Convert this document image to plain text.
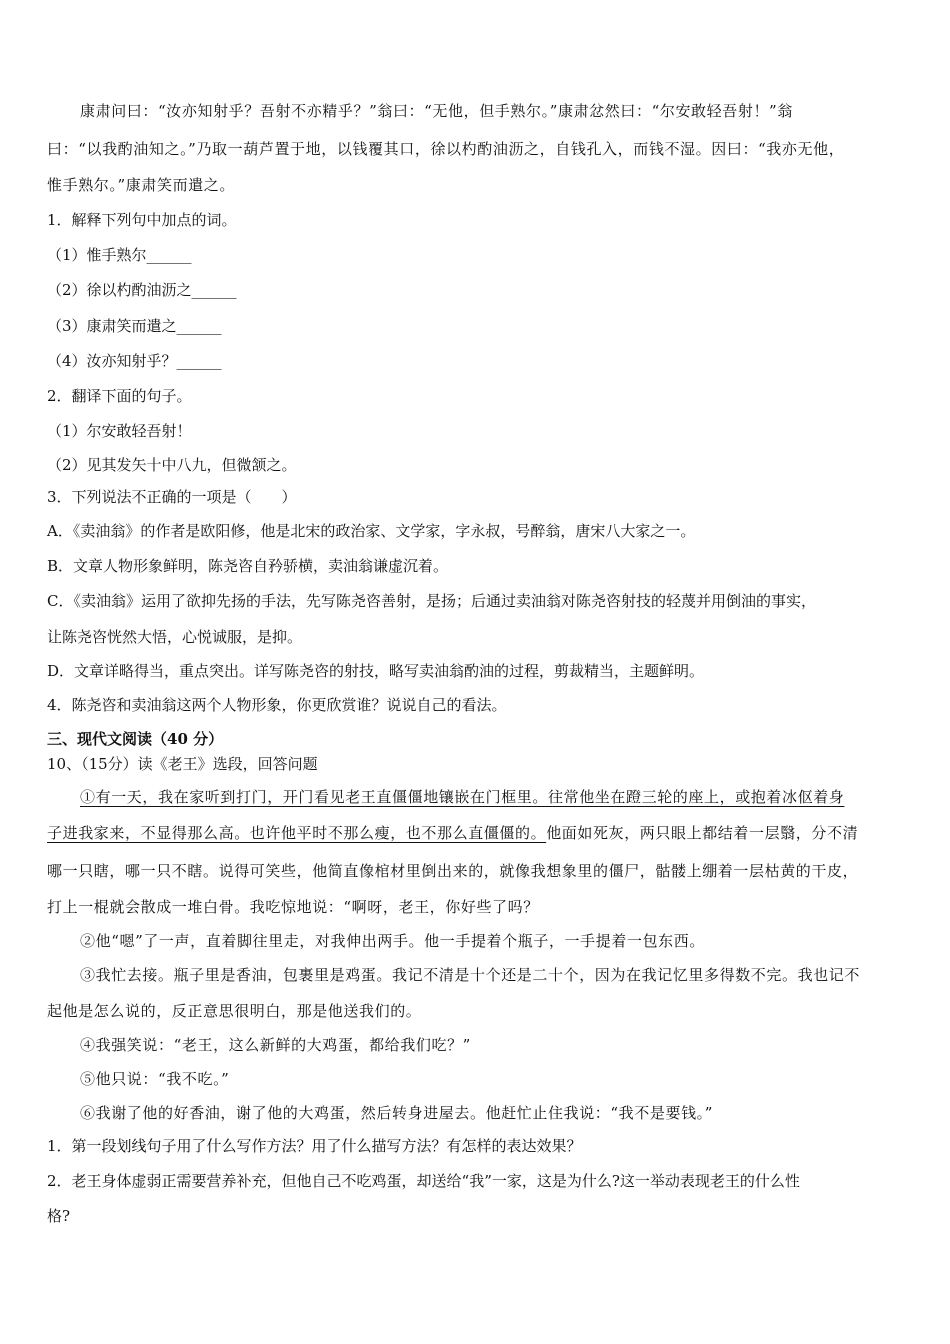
康肃问曰：“汝亦知射乎？吾射不亦精乎？”翁曰：“无他，但手熟尔。”康肃忿然曰：“尔安敢轻吾射！”翁
曰：“以我酌油知之。”乃取一葫芦置于地，以钱覆其口，徐以杓酌油沥之，自钱孔入，而钱不湿。因曰：“我亦无他，
惟手熟尔。”康肃笑而遣之。
1．解释下列句中加点的词。
（1）惟手熟尔______
（2）徐以杓酌油沥之______
（3）康肃笑而遣之______
（4）汝亦知射乎？______
2．翻译下面的句子。
（1）尔安敢轻吾射！
（2）见其发矢十中八九，但微颔之。
3．下列说法不正确的一项是（　　）
A．《卖油翁》的作者是欧阳修，他是北宋的政治家、文学家，字永叔，号醉翁，唐宋八大家之一。
B．文章人物形象鲜明，陈尧咨自矜骄横，卖油翁谦虚沉着。
C．《卖油翁》运用了欲抑先扬的手法，先写陈尧咨善射，是扬；后通过卖油翁对陈尧咨射技的轻蔑并用倒油的事实，
让陈尧咨恍然大悟，心悦诚服，是抑。
D．文章详略得当，重点突出。详写陈尧咨的射技，略写卖油翁酌油的过程，剪裁精当，主题鲜明。
4．陈尧咨和卖油翁这两个人物形象，你更欣赏谁？说说自己的看法。
三、现代文阅读（40 分）
10、（15分）读《老王》选段，回答问题
①有一天，我在家听到打门，开门看见老王直僵僵地镶嵌在门框里。往常他坐在蹬三轮的座上，或抱着冰伛着身
子进我家来，不显得那么高。也许他平时不那么瘦，也不那么直僵僵的。他面如死灰，两只眼上都结着一层翳，分不清
哪一只瞎，哪一只不瞎。说得可笑些，他简直像棺材里倒出来的，就像我想象里的僵尸，骷髅上绷着一层枯黄的干皮，
打上一棍就会散成一堆白骨。我吃惊地说：“啊呀，老王，你好些了吗？
②他“嗯”了一声，直着脚往里走，对我伸出两手。他一手提着个瓶子，一手提着一包东西。
③我忙去接。瓶子里是香油，包裹里是鸡蛋。我记不清是十个还是二十个，因为在我记忆里多得数不完。我也记不
起他是怎么说的，反正意思很明白，那是他送我们的。
④我强笑说：“老王，这么新鲜的大鸡蛋，都给我们吃？”
⑤他只说：“我不吃。”
⑥我谢了他的好香油，谢了他的大鸡蛋，然后转身进屋去。他赶忙止住我说：“我不是要钱。”
1．第一段划线句子用了什么写作方法？用了什么描写方法？有怎样的表达效果？
2．老王身体虚弱正需要营养补充，但他自己不吃鸡蛋，却送给“我”一家，这是为什么?这一举动表现老王的什么性
格?
